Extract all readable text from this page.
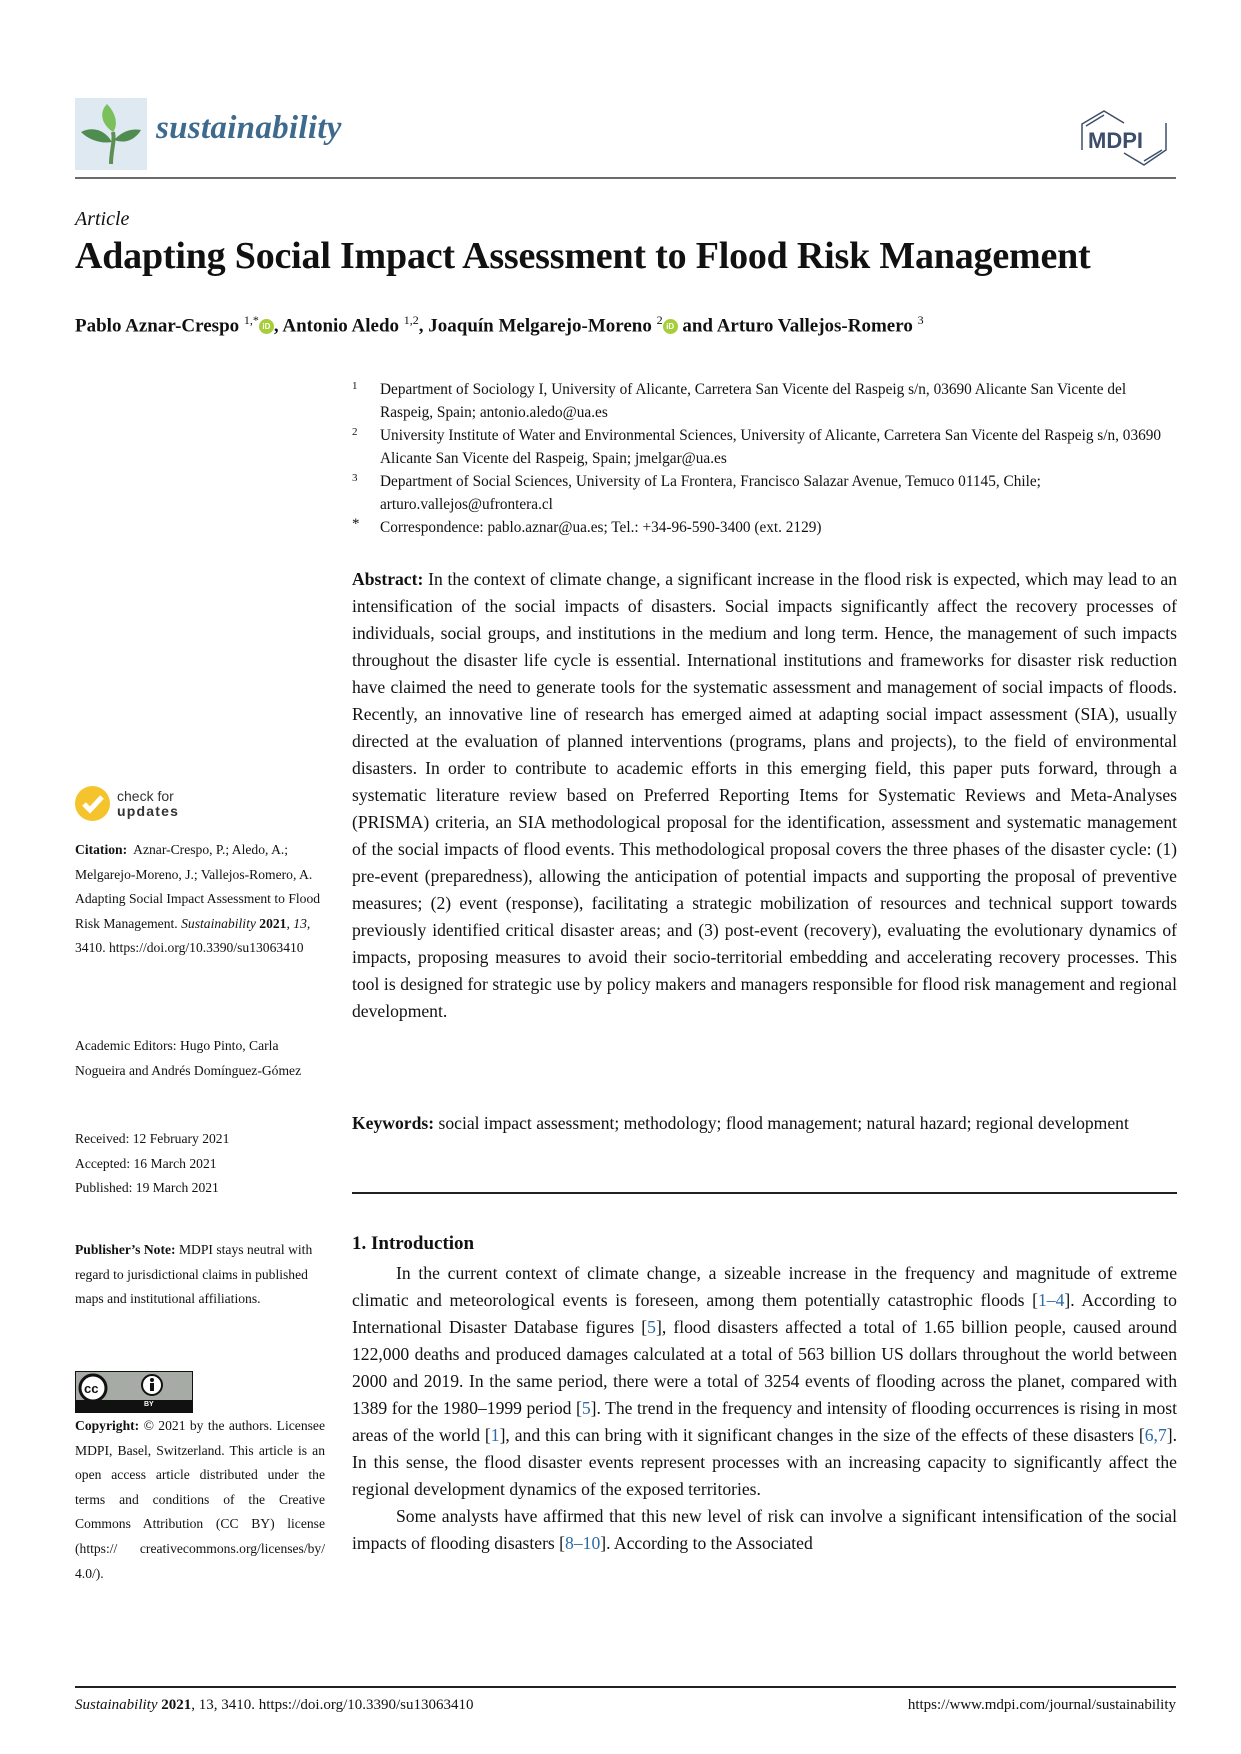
sustainability	MDPI
Article
Adapting Social Impact Assessment to Flood Risk Management
Pablo Aznar-Crespo $^{1,*}$ iD , Antonio Aledo $^{1,2}$, Joaquín Melgarejo-Moreno $^2$ iD and Arturo Vallejos-Romero $^3$
1	Department of Sociology I, University of Alicante, Carretera San Vicente del Raspeig s/n, 03690 Alicante San Vicente del Raspeig, Spain; antonio.aledo@ua.es
2	University Institute of Water and Environmental Sciences, University of Alicante, Carretera San Vicente del Raspeig s/n, 03690 Alicante San Vicente del Raspeig, Spain; jmelgar@ua.es
3	Department of Social Sciences, University of La Frontera, Francisco Salazar Avenue, Temuco 01145, Chile; arturo.vallejos@ufrontera.cl
*	Correspondence: pablo.aznar@ua.es; Tel.: +34-96-590-3400 (ext. 2129)
Abstract: In the context of climate change, a significant increase in the flood risk is expected, which may lead to an intensification of the social impacts of disasters. Social impacts significantly affect the recovery processes of individuals, social groups, and institutions in the medium and long term. Hence, the management of such impacts throughout the disaster life cycle is essential. International institutions and frameworks for disaster risk reduction have claimed the need to generate tools for the systematic assessment and management of social impacts of floods. Recently, an innovative line of research has emerged aimed at adapting social impact assessment (SIA), usually directed at the evaluation of planned interventions (programs, plans and projects), to the field of environmental disasters. In order to contribute to academic efforts in this emerging field, this paper puts forward, through a systematic literature review based on Preferred Reporting Items for Systematic Reviews and Meta-Analyses (PRISMA) criteria, an SIA methodological proposal for the identification, assessment and systematic management of the social impacts of flood events. This methodological proposal covers the three phases of the disaster cycle: (1) pre-event (preparedness), allowing the anticipation of potential impacts and supporting the proposal of preventive measures; (2) event (response), facilitating a strategic mobilization of resources and technical support towards previously identified critical disaster areas; and (3) post-event (recovery), evaluating the evolutionary dynamics of impacts, proposing measures to avoid their socio-territorial embedding and accelerating recovery processes. This tool is designed for strategic use by policy makers and managers responsible for flood risk management and regional development.
Keywords: social impact assessment; methodology; flood management; natural hazard; regional development
1. Introduction

In the current context of climate change, a sizeable increase in the frequency and magnitude of extreme climatic and meteorological events is foreseen, among them potentially catastrophic floods [1–4]. According to International Disaster Database figures [5], flood disasters affected a total of 1.65 billion people, caused around 122,000 deaths and produced damages calculated at a total of 563 billion US dollars throughout the world between 2000 and 2019. In the same period, there were a total of 3254 events of flooding across the planet, compared with 1389 for the 1980–1999 period [5]. The trend in the frequency and intensity of flooding occurrences is rising in most areas of the world [1], and this can bring with it significant changes in the size of the effects of these disasters [6,7]. In this sense, the flood disaster events represent processes with an increasing capacity to significantly affect the regional development dynamics of the exposed territories.

Some analysts have affirmed that this new level of risk can involve a significant intensification of the social impacts of flooding disasters [8–10]. According to the Associated

check for
updates
Citation: Aznar-Crespo, P.; Aledo, A.; Melgarejo-Moreno, J.; Vallejos-Romero, A. Adapting Social Impact Assessment to Flood Risk Management. Sustainability 2021, 13, 3410. https://doi.org/10.3390/su13063410
Academic Editors: Hugo Pinto, Carla Nogueira and Andrés Domínguez-Gómez
Received: 12 February 2021
Accepted: 16 March 2021
Published: 19 March 2021
Publisher’s Note: MDPI stays neutral with regard to jurisdictional claims in published maps and institutional affiliations.
cc
BY
Copyright: © 2021 by the authors. Licensee MDPI, Basel, Switzerland. This article is an open access article distributed under the terms and conditions of the Creative Commons Attribution (CC BY) license (https:// creativecommons.org/licenses/by/ 4.0/).
Sustainability 2021, 13, 3410. https://doi.org/10.3390/su13063410	https://www.mdpi.com/journal/sustainability
